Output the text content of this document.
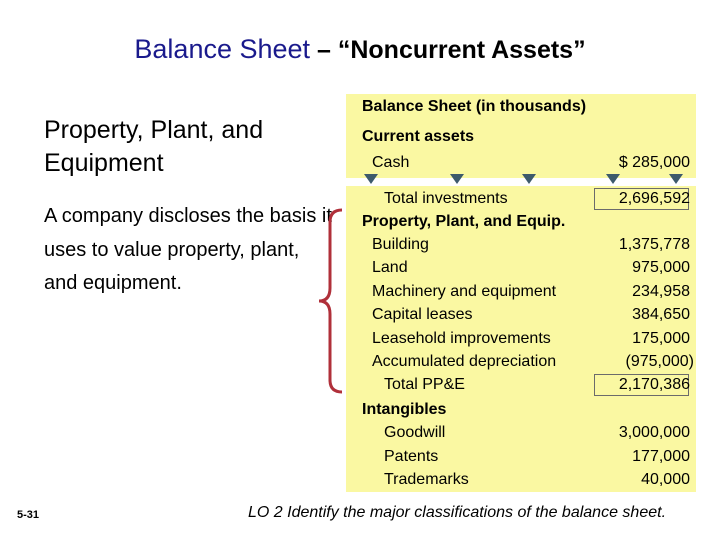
Balance Sheet – “Noncurrent Assets”
Property, Plant, and
Equipment
A company discloses the basis it uses to value property, plant, and equipment.
Balance Sheet (in thousands)
Current assets
Cash	$ 285,000
Total investments	2,696,592
Property, Plant, and Equip.
Building	1,375,778
Land	975,000
Machinery and equipment	234,958
Capital leases	384,650
Leasehold improvements	175,000
Accumulated depreciation	(975,000)
Total PP&E	2,170,386
Intangibles
Goodwill	3,000,000
Patents	177,000
Trademarks	40,000
5-31	LO 2 Identify the major classifications of the balance sheet.
